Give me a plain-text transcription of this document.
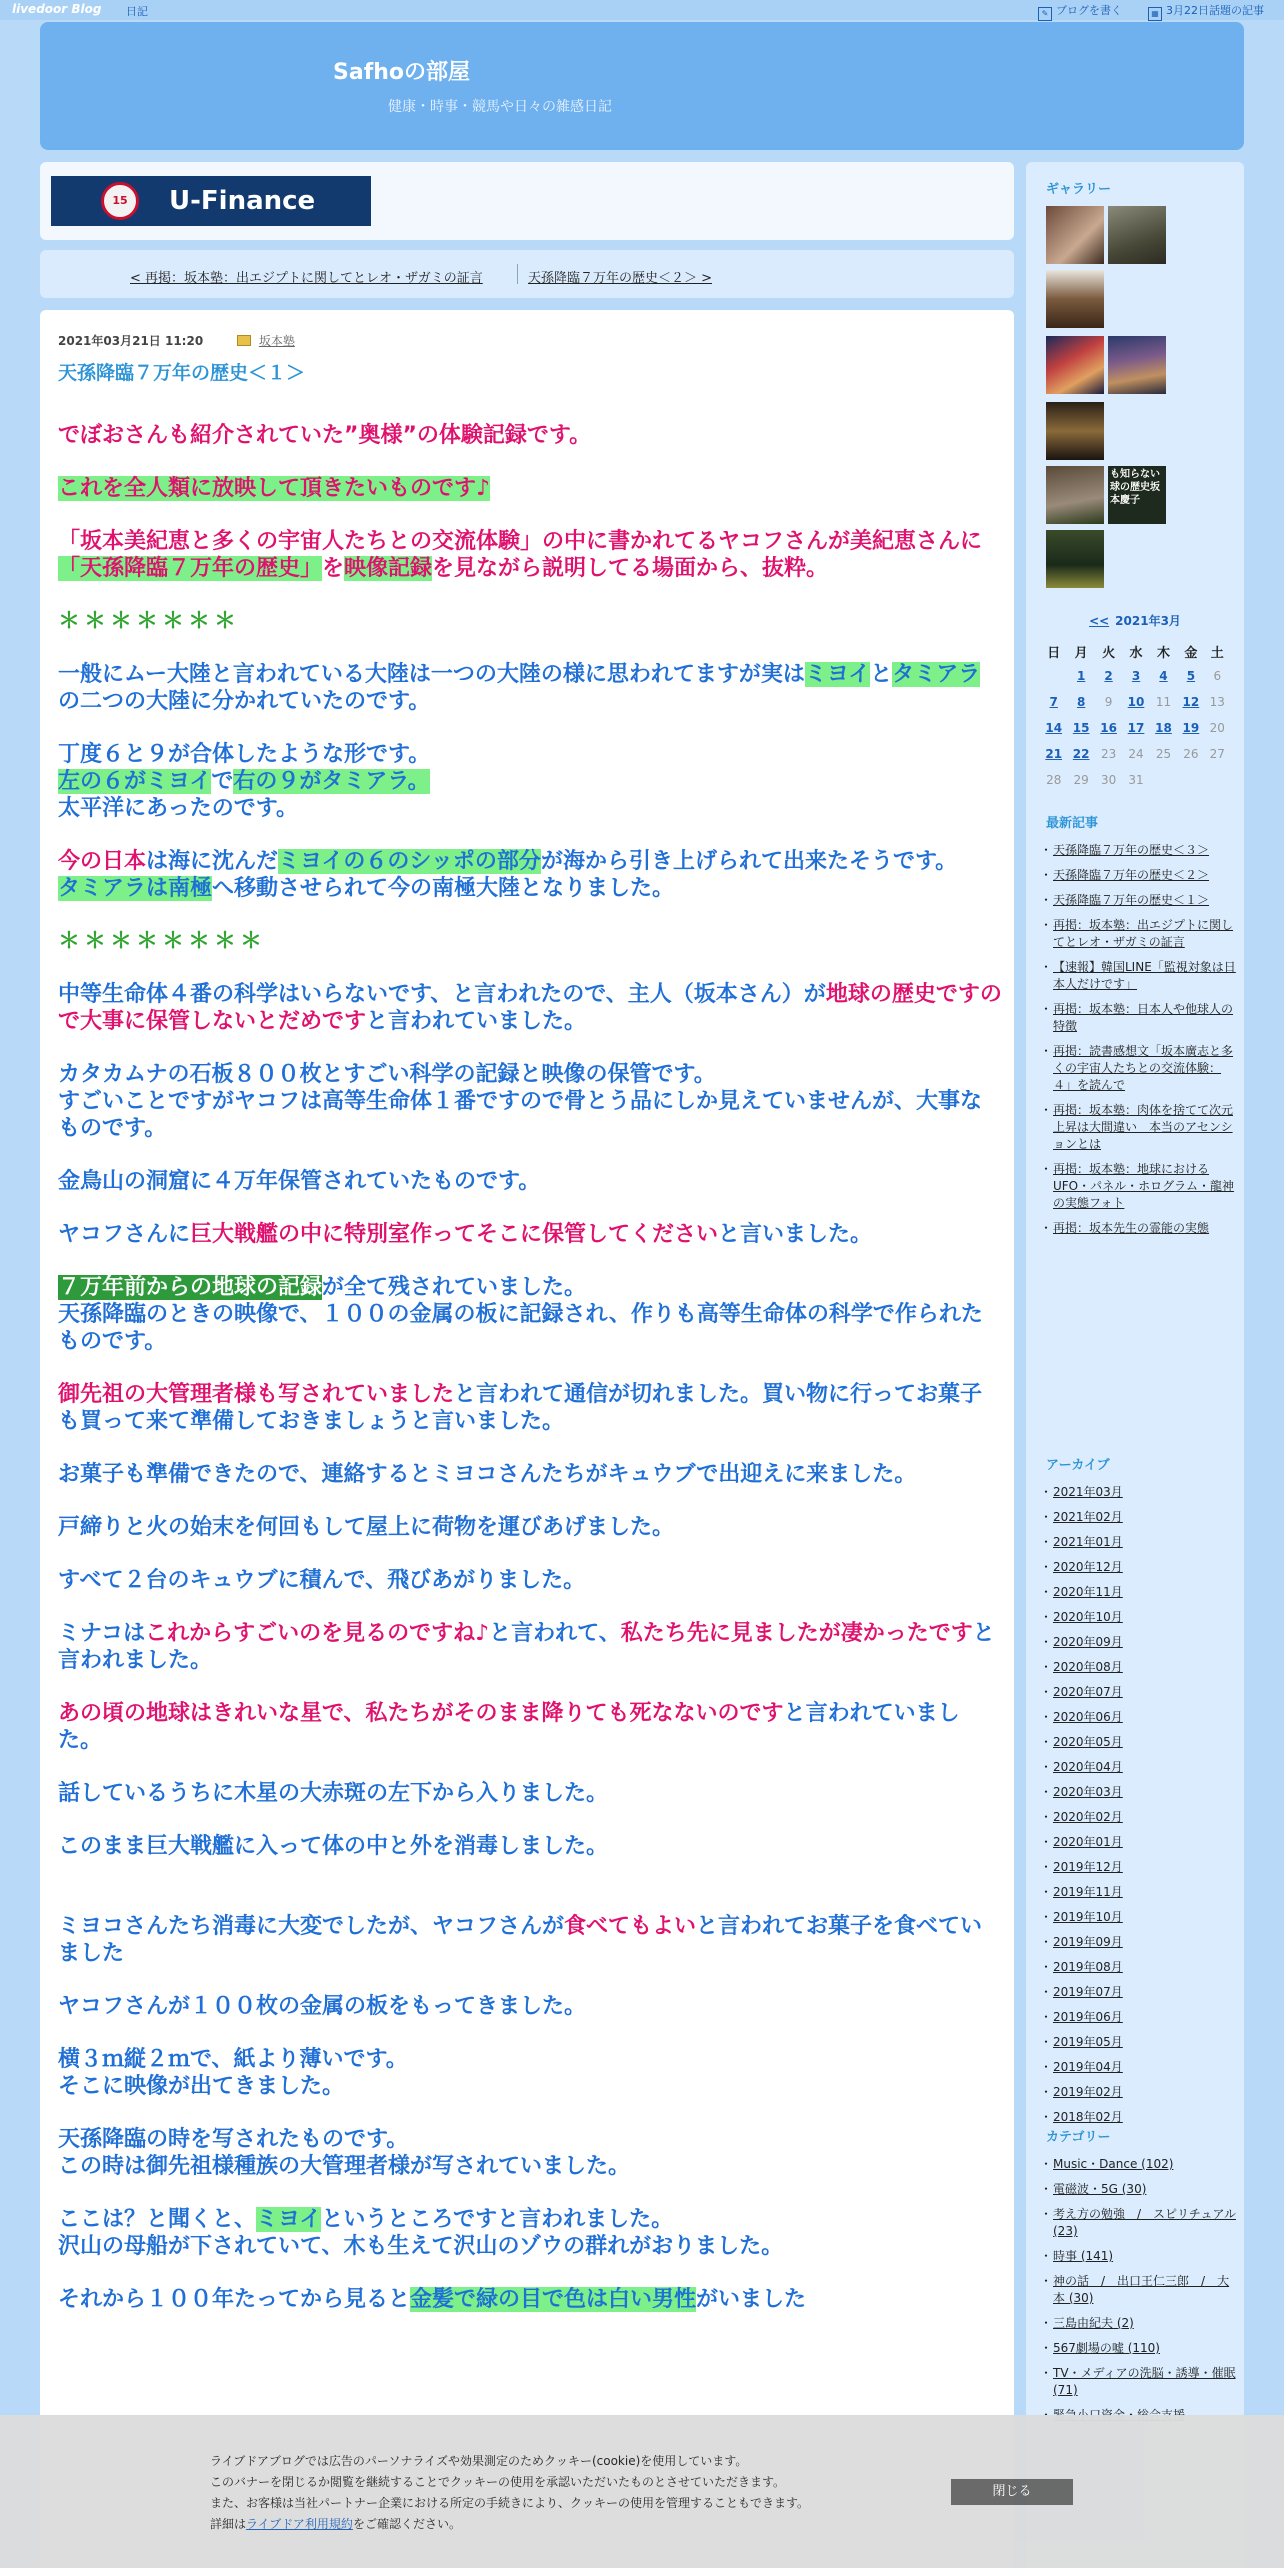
livedoor Blog 日記	✎ ブログを書く	▦ 3月22日話題の記事
Safhoの部屋
健康・時事・競馬や日々の雑感日記
15	U-Finance
< 再掲：坂本塾：出エジプトに関してとレオ・ザガミの証言	天孫降臨７万年の歴史＜２＞ >
2021年03月21日 11:20	坂本塾
天孫降臨７万年の歴史＜１＞

でぼおさんも紹介されていた”奥様”の体験記録です。

これを全人類に放映して頂きたいものです♪

「坂本美紀恵と多くの宇宙人たちとの交流体験」の中に書かれてるヤコフさんが美紀恵さんに「天孫降臨７万年の歴史」を映像記録を見ながら説明してる場面から、抜粋。

＊＊＊＊＊＊＊

一般にムー大陸と言われている大陸は一つの大陸の様に思われてますが実はミヨイとタミアラの二つの大陸に分かれていたのです。

丁度６と９が合体したような形です。
左の６がミヨイで右の９がタミアラ。
太平洋にあったのです。

今の日本は海に沈んだミヨイの６のシッポの部分が海から引き上げられて出来たそうです。
タミアラは南極へ移動させられて今の南極大陸となりました。

＊＊＊＊＊＊＊＊

中等生命体４番の科学はいらないです、と言われたので、主人（坂本さん）が地球の歴史ですので大事に保管しないとだめですと言われていました。

カタカムナの石板８００枚とすごい科学の記録と映像の保管です。
すごいことですがヤコフは高等生命体１番ですので骨とう品にしか見えていませんが、大事なものです。

金鳥山の洞窟に４万年保管されていたものです。

ヤコフさんに巨大戦艦の中に特別室作ってそこに保管してくださいと言いました。

７万年前からの地球の記録が全て残されていました。
天孫降臨のときの映像で、１００の金属の板に記録され、作りも高等生命体の科学で作られたものです。

御先祖の大管理者様も写されていましたと言われて通信が切れました。買い物に行ってお菓子も買って来て準備しておきましょうと言いました。

お菓子も準備できたので、連絡するとミヨコさんたちがキュウブで出迎えに来ました。

戸締りと火の始末を何回もして屋上に荷物を運びあげました。

すべて２台のキュウブに積んで、飛びあがりました。

ミナコはこれからすごいのを見るのですね♪と言われて、私たち先に見ましたが凄かったですと言われました。

あの頃の地球はきれいな星で、私たちがそのまま降りても死なないのですと言われていました。

話しているうちに木星の大赤斑の左下から入りました。

このまま巨大戦艦に入って体の中と外を消毒しました。

ミヨコさんたち消毒に大変でしたが、ヤコフさんが食べてもよいと言われてお菓子を食べていました

ヤコフさんが１００枚の金属の板をもってきました。

横３ｍ縦２ｍで、紙より薄いです。
そこに映像が出てきました。

天孫降臨の時を写されたものです。
この時は御先祖様種族の大管理者様が写されていました。

ここは？と聞くと、ミヨイというところですと言われました。
沢山の母船が下されていて、木も生えて沢山のゾウの群れがおりました。

それから１００年たってから見ると金髪で緑の目で色は白い男性がいました

ギャラリー
も知らない球の歴史坂本慶子
<< 2021年3月
日	月	火	水	木	金	土
	1	2	3	4	5	6
7	8	9	10	11	12	13
14	15	16	17	18	19	20
21	22	23	24	25	26	27
28	29	30	31			
最新記事
・ 天孫降臨７万年の歴史＜３＞
・ 天孫降臨７万年の歴史＜２＞
・ 天孫降臨７万年の歴史＜１＞
・ 再掲：坂本塾：出エジプトに関してとレオ・ザガミの証言
・ 【速報】韓国LINE「監視対象は日本人だけです」
・ 再掲：坂本塾：日本人や他球人の特徴
・ 再掲：読書感想文「坂本廣志と多くの宇宙人たちとの交流体験：４」を読んで
・ 再掲：坂本塾：肉体を捨てて次元上昇は大間違い　本当のアセンションとは
・ 再掲：坂本塾：地球におけるUFO・パネル・ホログラム・龍神の実態フォト
・ 再掲：坂本先生の霊能の実態
アーカイブ
・ 2021年03月
・ 2021年02月
・ 2021年01月
・ 2020年12月
・ 2020年11月
・ 2020年10月
・ 2020年09月
・ 2020年08月
・ 2020年07月
・ 2020年06月
・ 2020年05月
・ 2020年04月
・ 2020年03月
・ 2020年02月
・ 2020年01月
・ 2019年12月
・ 2019年11月
・ 2019年10月
・ 2019年09月
・ 2019年08月
・ 2019年07月
・ 2019年06月
・ 2019年05月
・ 2019年04月
・ 2019年02月
・ 2018年02月
カテゴリー
・ Music・Dance (102)
・ 電磁波・5G (30)
・ 考え方の勉強　/　スピリチュアル (23)
・ 時事 (141)
・ 神の話　/　出口王仁三郎　/　大本 (30)
・ 三島由紀夫 (2)
・ 567劇場の嘘 (110)
・ TV・メディアの洗脳・誘導・催眠 (71)
・
ライブドアブログでは広告のパーソナライズや効果測定のためクッキー(cookie)を使用しています。
このバナーを閉じるか閲覧を継続することでクッキーの使用を承認いただいたものとさせていただきます。
また、お客様は当社パートナー企業における所定の手続きにより、クッキーの使用を管理することもできます。
詳細はライブドア利用規約をご確認ください。
閉じる
